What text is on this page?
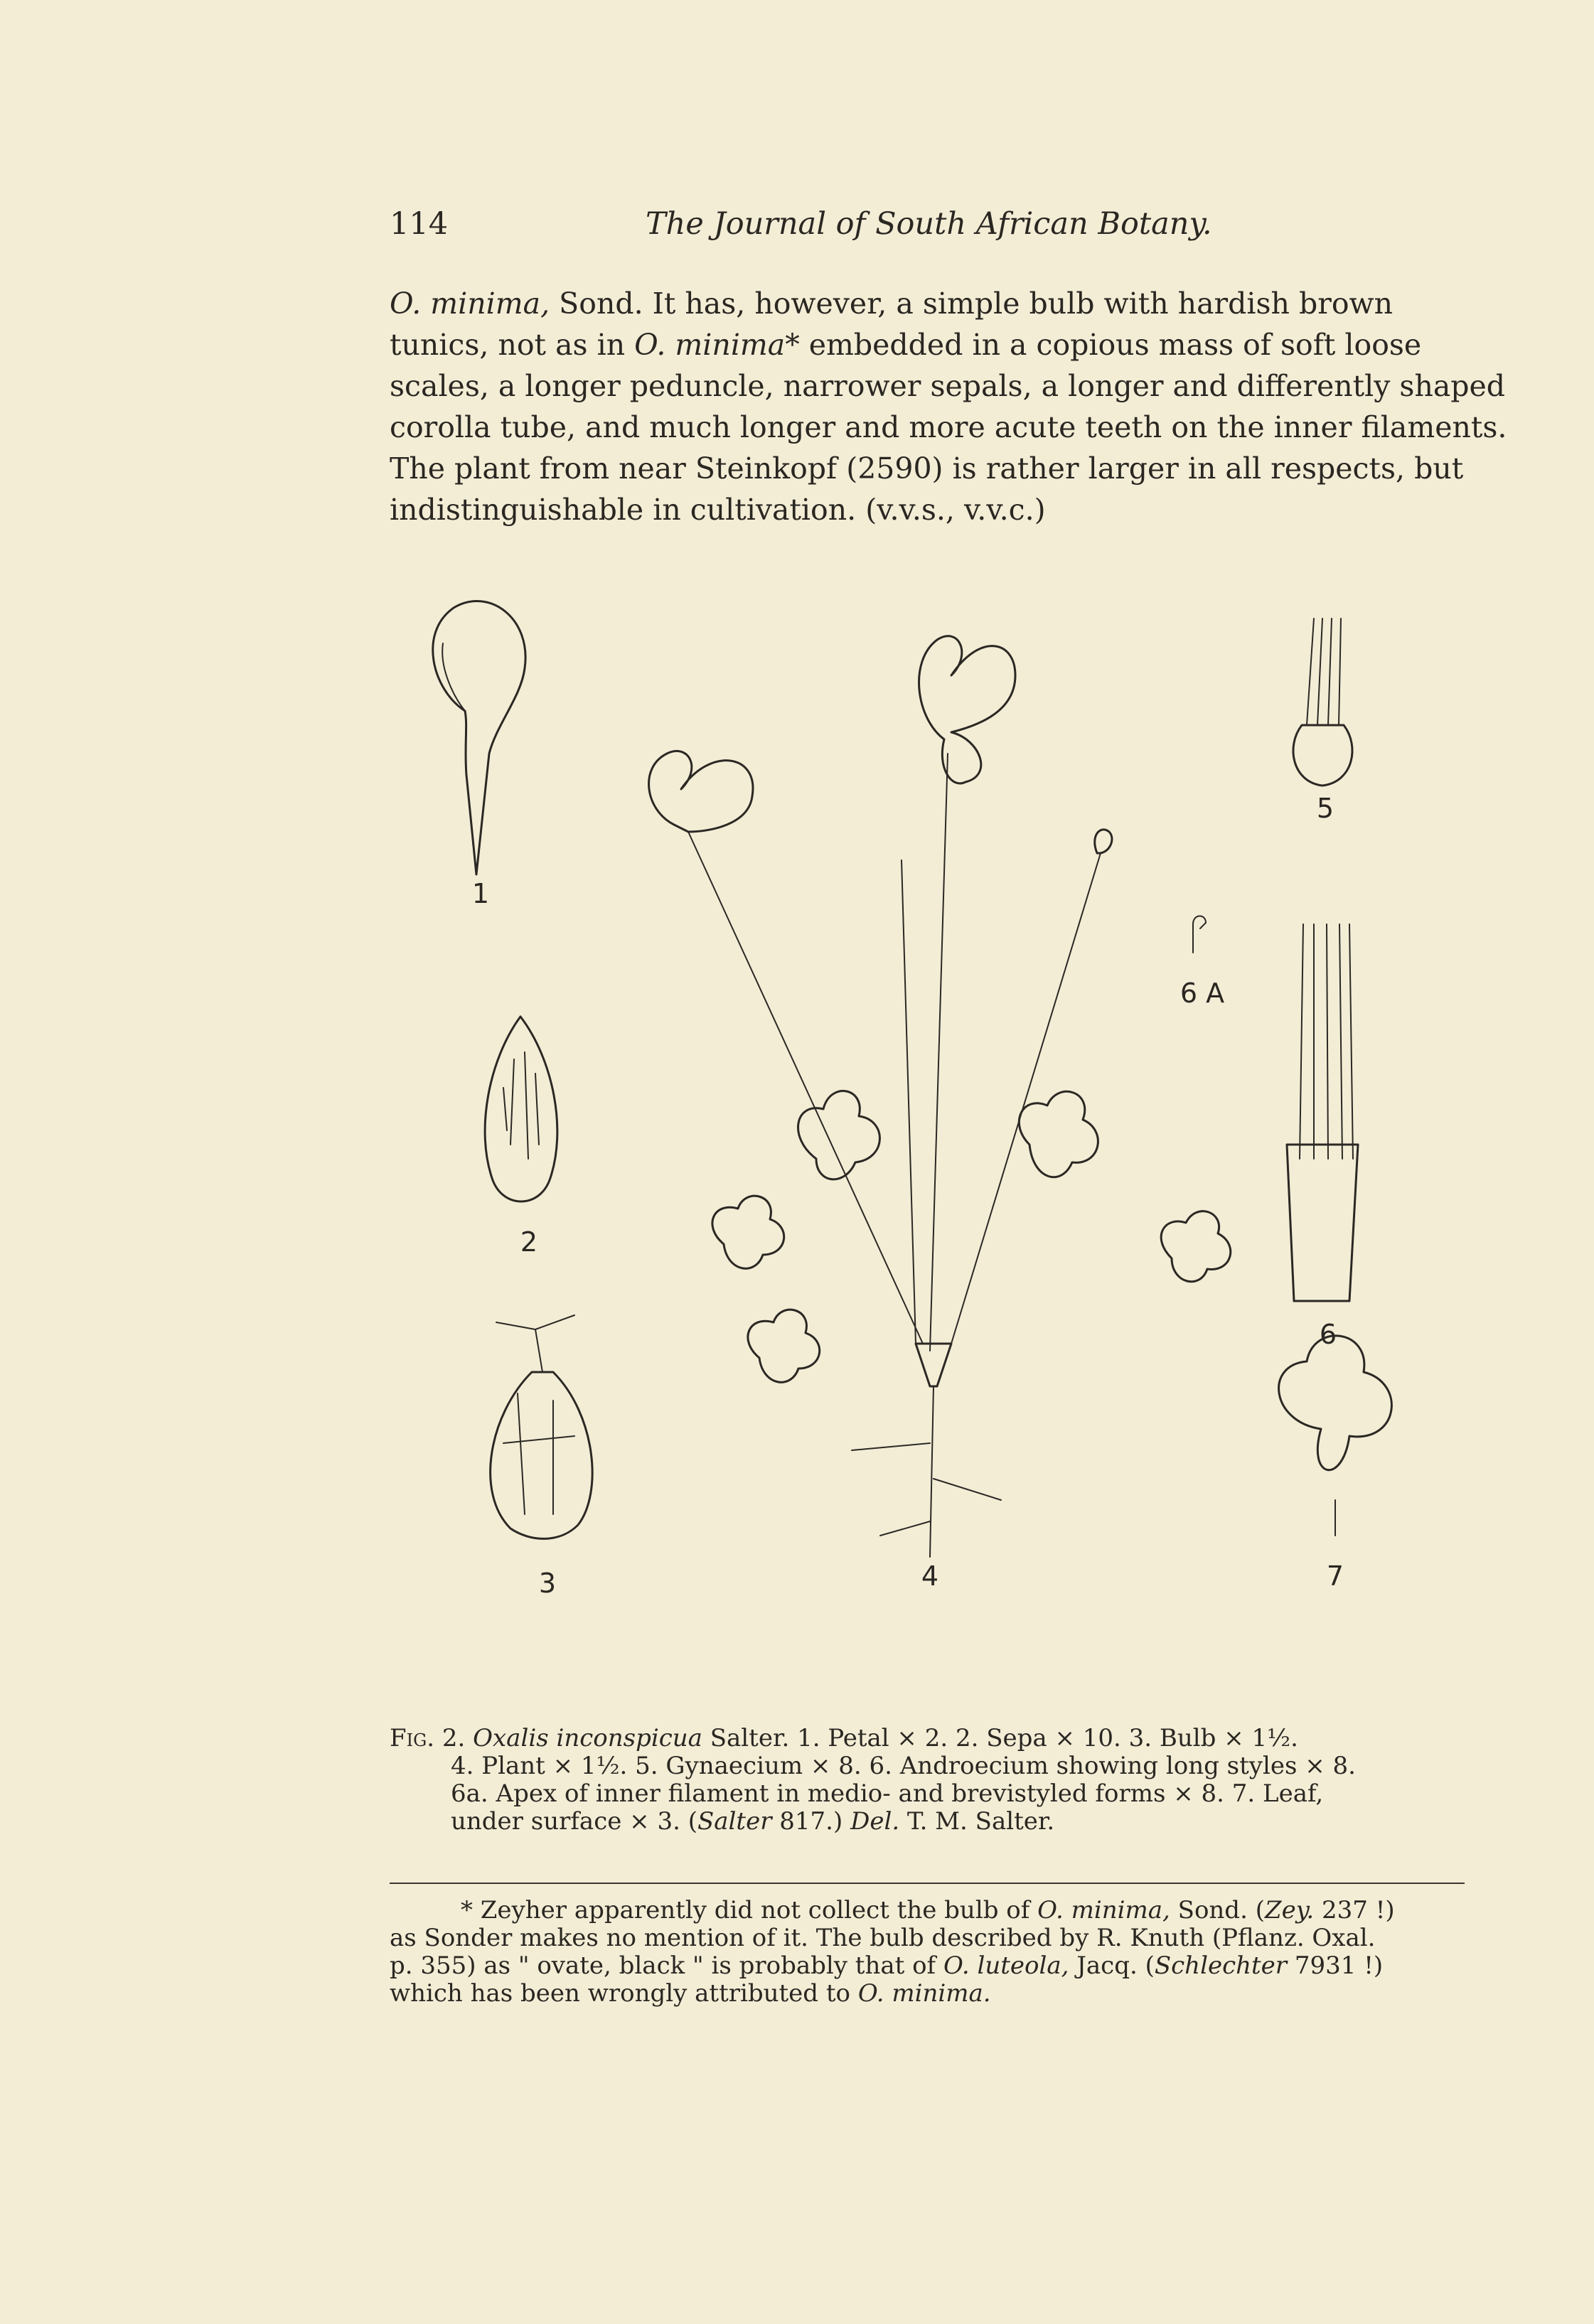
114	The Journal of South African Botany.

O. minima, Sond. It has, however, a simple bulb with hardish brown

tunics, not as in O. minima* embedded in a copious mass of soft loose

scales, a longer peduncle, narrower sepals, a longer and differently shaped

corolla tube, and much longer and more acute teeth on the inner filaments.

The plant from near Steinkopf (2590) is rather larger in all respects, but

indistinguishable in cultivation. (v.v.s., v.v.c.)

1
2
3	4
6 A
5
6
7

Fig. 2. Oxalis inconspicua Salter. 1. Petal × 2. 2. Sepa × 10. 3. Bulb × 1½.

4. Plant × 1½. 5. Gynaecium × 8. 6. Androecium showing long styles × 8.

6a. Apex of inner filament in medio- and brevistyled forms × 8. 7. Leaf,

under surface × 3. (Salter 817.) Del. T. M. Salter.

* Zeyher apparently did not collect the bulb of O. minima, Sond. (Zey. 237 !)

as Sonder makes no mention of it. The bulb described by R. Knuth (Pflanz. Oxal.

p. 355) as " ovate, black " is probably that of O. luteola, Jacq. (Schlechter 7931 !)

which has been wrongly attributed to O. minima.
